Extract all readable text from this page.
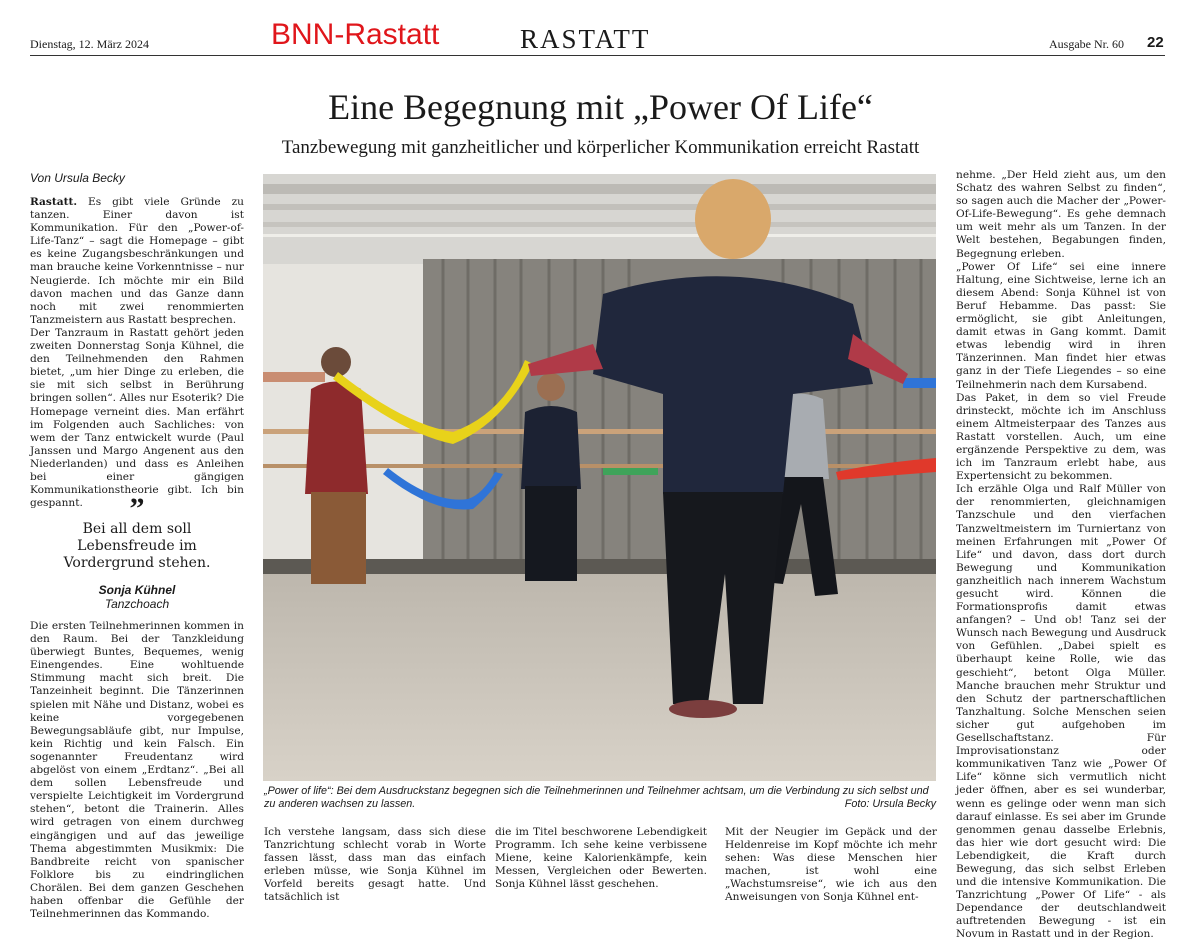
Dienstag, 12. März 2024	BNN-Rastatt	RASTATT	Ausgabe Nr. 60 22
Eine Begegnung mit „Power Of Life“
Tanzbewegung mit ganzheitlicher und körperlicher Kommunikation erreicht Rastatt
Von Ursula Becky
Rastatt. Es gibt viele Gründe zu tanzen. Einer davon ist Kommunikation. Für den „Power-of-Life-Tanz“ – sagt die Homepage – gibt es keine Zugangsbeschränkungen und man brauche keine Vorkenntnisse – nur Neugierde. Ich möchte mir ein Bild davon machen und das Ganze dann noch mit zwei renommierten Tanzmeistern aus Rastatt besprechen.
Der Tanzraum in Rastatt gehört jeden zweiten Donnerstag Sonja Kühnel, die den Teilnehmenden den Rahmen bietet, „um hier Dinge zu erleben, die sie mit sich selbst in Berührung bringen sollen“. Alles nur Esoterik? Die Homepage verneint dies. Man erfährt im Folgenden auch Sachliches: von wem der Tanz entwickelt wurde (Paul Janssen und Margo Angenent aus den Niederlanden) und dass es Anleihen bei einer gängigen Kommunikationstheorie gibt. Ich bin gespannt.	”
Bei all dem soll
Lebensfreude im
Vordergrund stehen.
Sonja Kühnel
Tanzchoach
Die ersten Teilnehmerinnen kommen in den Raum. Bei der Tanzkleidung überwiegt Buntes, Bequemes, wenig Einengendes. Eine wohltuende Stimmung macht sich breit. Die Tanzeinheit beginnt. Die Tänzerinnen spielen mit Nähe und Distanz, wobei es keine vorgegebenen Bewegungsabläufe gibt, nur Impulse, kein Richtig und kein Falsch. Ein sogenannter Freudentanz wird abgelöst von einem „Erdtanz“. „Bei all dem sollen Lebensfreude und verspielte Leichtigkeit im Vordergrund stehen“, betont die Trainerin. Alles wird getragen von einem durchweg eingängigen und auf das jeweilige Thema abgestimmten Musikmix: Die Bandbreite reicht von spanischer Folklore bis zu eindringlichen Chorälen. Bei dem ganzen Geschehen haben offenbar die Gefühle der Teilnehmerinnen das Kommando.
„Power of life“: Bei dem Ausdruckstanz begegnen sich die Teilnehmerinnen und Teilnehmer achtsam, um die Verbindung zu sich selbst und zu anderen wachsen zu lassen.	Foto: Ursula Becky
Ich verstehe langsam, dass sich diese Tanzrichtung schlecht vorab in Worte fassen lässt, dass man das einfach erleben müsse, wie Sonja Kühnel im Vorfeld bereits gesagt hatte. Und tatsächlich ist
die im Titel beschworene Lebendigkeit Programm. Ich sehe keine verbissene Miene, keine Kalorienkämpfe, kein Messen, Vergleichen oder Bewerten. Sonja Kühnel lässt geschehen.
Mit der Neugier im Gepäck und der Heldenreise im Kopf möchte ich mehr sehen: Was diese Menschen hier machen, ist wohl eine „Wachstumsreise“, wie ich aus den Anweisungen von Sonja Kühnel ent-
nehme. „Der Held zieht aus, um den Schatz des wahren Selbst zu finden“, so sagen auch die Macher der „Power-Of-Life-Bewegung“. Es gehe demnach um weit mehr als um Tanzen. In der Welt bestehen, Begabungen finden, Begegnung erleben.
„Power Of Life“ sei eine innere Haltung, eine Sichtweise, lerne ich an diesem Abend: Sonja Kühnel ist von Beruf Hebamme. Das passt: Sie ermöglicht, sie gibt Anleitungen, damit etwas in Gang kommt. Damit etwas lebendig wird in ihren Tänzerinnen. Man findet hier etwas ganz in der Tiefe Liegendes – so eine Teilnehmerin nach dem Kursabend.
Das Paket, in dem so viel Freude drinsteckt, möchte ich im Anschluss einem Altmeisterpaar des Tanzes aus Rastatt vorstellen. Auch, um eine ergänzende Perspektive zu dem, was ich im Tanzraum erlebt habe, aus Expertensicht zu bekommen.
Ich erzähle Olga und Ralf Müller von der renommierten, gleichnamigen Tanzschule und den vierfachen Tanzweltmeistern im Turniertanz von meinen Erfahrungen mit „Power Of Life“ und davon, dass dort durch Bewegung und Kommunikation ganzheitlich nach innerem Wachstum gesucht wird. Können die Formationsprofis damit etwas anfangen? – Und ob! Tanz sei der Wunsch nach Bewegung und Ausdruck von Gefühlen. „Dabei spielt es überhaupt keine Rolle, wie das geschieht“, betont Olga Müller. Manche brauchen mehr Struktur und den Schutz der partnerschaftlichen Tanzhaltung. Solche Menschen seien sicher gut aufgehoben im Gesellschaftstanz. Für Improvisationstanz oder kommunikativen Tanz wie „Power Of Life“ könne sich vermutlich nicht jeder öffnen, aber es sei wunderbar, wenn es gelinge oder wenn man sich darauf einlasse. Es sei aber im Grunde genommen genau dasselbe Erlebnis, das hier wie dort gesucht wird: Die Lebendigkeit, die Kraft durch Bewegung, das sich selbst Erleben und die intensive Kommunikation. Die Tanzrichtung „Power Of Life“ - als Dependance der deutschlandweit auftretenden Bewegung - ist ein Novum in Rastatt und in der Region.
